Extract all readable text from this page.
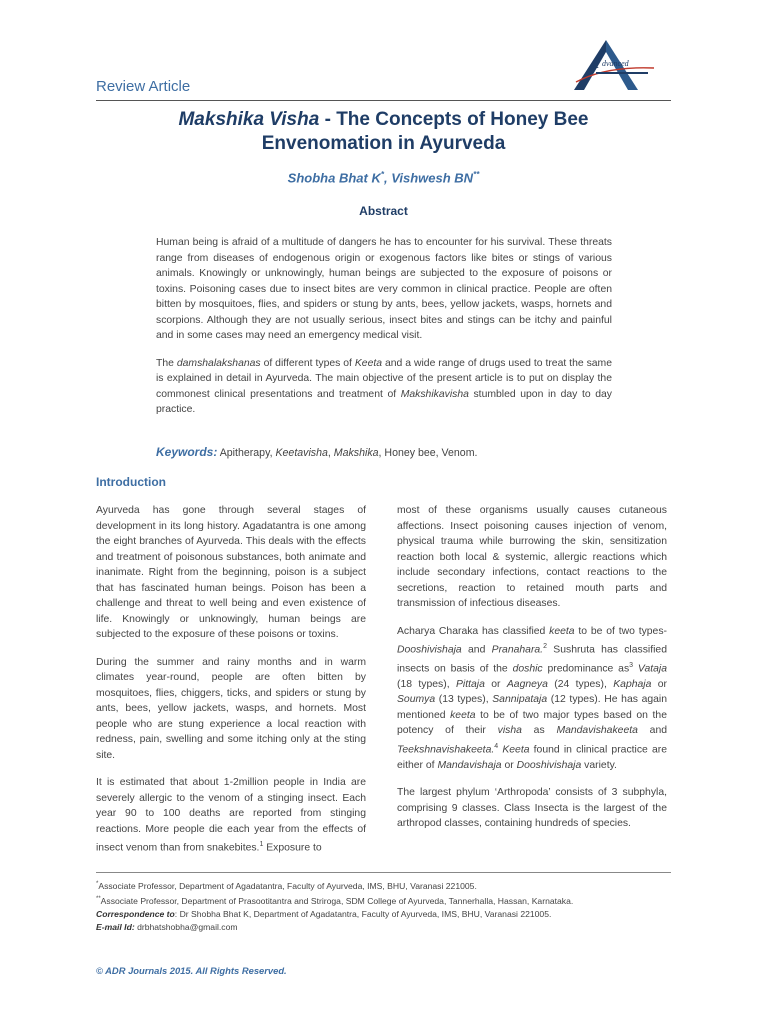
Review Article
A dvanced
Makshika Visha - The Concepts of Honey Bee
Envenomation in Ayurveda
Shobha Bhat K*, Vishwesh BN**
Abstract

Human being is afraid of a multitude of dangers he has to encounter for his survival. These threats range from diseases of endogenous origin or exogenous factors like bites or stings of various animals. Knowingly or unknowingly, human beings are subjected to the exposure of poisons or toxins. Poisoning cases due to insect bites are very common in clinical practice. People are often bitten by mosquitoes, flies, and spiders or stung by ants, bees, yellow jackets, wasps, hornets and scorpions. Although they are not usually serious, insect bites and stings can be itchy and painful and in some cases may need an emergency medical visit.

The damshalakshanas of different types of Keeta and a wide range of drugs used to treat the same is explained in detail in Ayurveda. The main objective of the present article is to put on display the commonest clinical presentations and treatment of Makshikavisha stumbled upon in day to day practice.

Keywords: Apitherapy, Keetavisha, Makshika, Honey bee, Venom.
Introduction

Ayurveda has gone through several stages of development in its long history. Agadatantra is one among the eight branches of Ayurveda. This deals with the effects and treatment of poisonous substances, both animate and inanimate. Right from the beginning, poison is a subject that has fascinated human beings. Poison has been a challenge and threat to well being and even existence of life. Knowingly or unknowingly, human beings are subjected to the exposure of these poisons or toxins.

During the summer and rainy months and in warm climates year-round, people are often bitten by mosquitoes, flies, chiggers, ticks, and spiders or stung by ants, bees, yellow jackets, wasps, and hornets. Most people who are stung experience a local reaction with redness, pain, swelling and some itching only at the sting site.

It is estimated that about 1-2million people in India are severely allergic to the venom of a stinging insect. Each year 90 to 100 deaths are reported from stinging reactions. More people die each year from the effects of insect venom than from snakebites.$^1$ Exposure to

most of these organisms usually causes cutaneous affections. Insect poisoning causes injection of venom, physical trauma while burrowing the skin, sensitization reaction both local & systemic, allergic reactions which include secondary infections, contact reactions to the secretions, reaction to retained mouth parts and transmission of infectious diseases.

Acharya Charaka has classified keeta to be of two types-Dooshivishaja and Pranahara.$^2$ Sushruta has classified insects on basis of the doshic predominance $as^3$ Vataja (18 types), Pittaja or Aagneya (24 types), Kaphaja or Soumya (13 types), Sannipataja (12 types). He has again mentioned keeta to be of two major types based on the potency of their visha as Mandavishakeeta and Teekshnavishakeeta.$^4$ Keeta found in clinical practice are either of Mandavishaja or Dooshivishaja variety.

The largest phylum ‘Arthropoda’ consists of 3 subphyla, comprising 9 classes. Class Insecta is the largest of the arthropod classes, containing hundreds of species.

*Associate Professor, Department of Agadatantra, Faculty of Ayurveda, IMS, BHU, Varanasi 221005.
**Associate Professor, Department of Prasootitantra and Striroga, SDM College of Ayurveda, Tannerhalla, Hassan, Karnataka.
Correspondence to: Dr Shobha Bhat K, Department of Agadatantra, Faculty of Ayurveda, IMS, BHU, Varanasi 221005.
E-mail Id: drbhatshobha@gmail.com
© ADR Journals 2015. All Rights Reserved.
